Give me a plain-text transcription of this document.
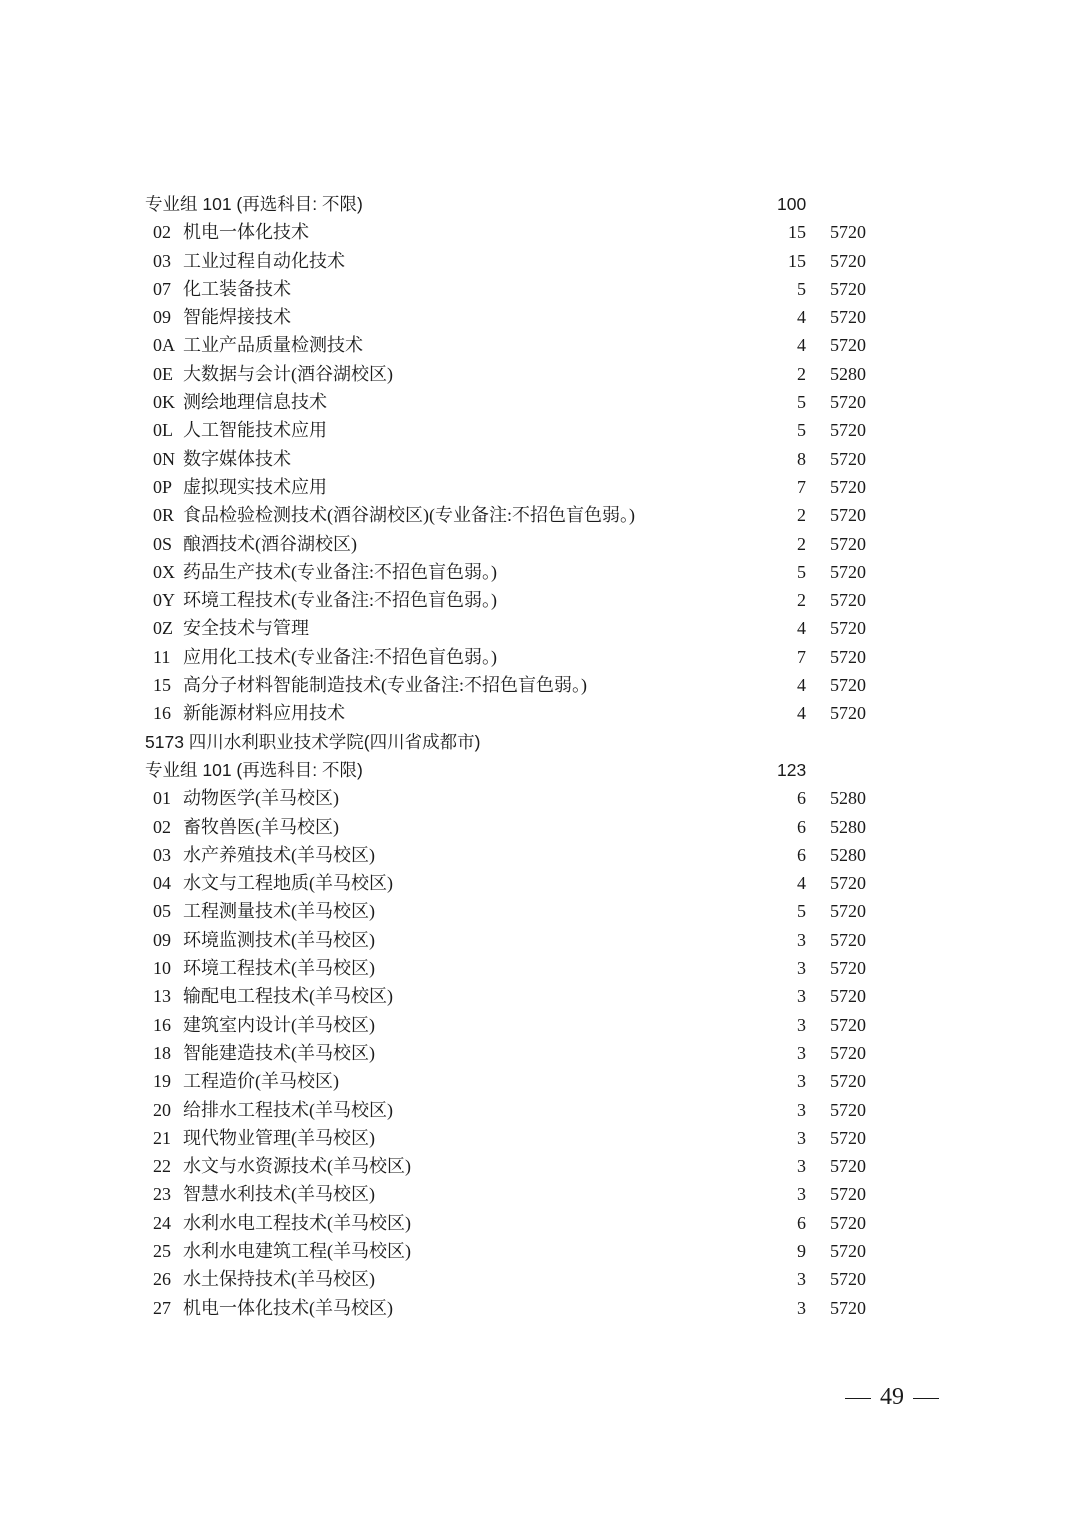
专业组 101 (再选科目: 不限)	100
02 机电一体化技术	15 5720
03 工业过程自动化技术	15 5720
07 化工装备技术	5 5720
09 智能焊接技术	4 5720
0A 工业产品质量检测技术	4 5720
0E 大数据与会计(酒谷湖校区)	2 5280
0K 测绘地理信息技术	5 5720
0L 人工智能技术应用	5 5720
0N 数字媒体技术	8 5720
0P 虚拟现实技术应用	7 5720
0R 食品检验检测技术(酒谷湖校区)(专业备注:不招色盲色弱。)	2 5720
0S 酿酒技术(酒谷湖校区)	2 5720
0X 药品生产技术(专业备注:不招色盲色弱。)	5 5720
0Y 环境工程技术(专业备注:不招色盲色弱。)	2 5720
0Z 安全技术与管理	4 5720
11 应用化工技术(专业备注:不招色盲色弱。)	7 5720
15 高分子材料智能制造技术(专业备注:不招色盲色弱。)	4 5720
16 新能源材料应用技术	4 5720
5173 四川水利职业技术学院(四川省成都市)
专业组 101 (再选科目: 不限)	123
01 动物医学(羊马校区)	6 5280
02 畜牧兽医(羊马校区)	6 5280
03 水产养殖技术(羊马校区)	6 5280
04 水文与工程地质(羊马校区)	4 5720
05 工程测量技术(羊马校区)	5 5720
09 环境监测技术(羊马校区)	3 5720
10 环境工程技术(羊马校区)	3 5720
13 输配电工程技术(羊马校区)	3 5720
16 建筑室内设计(羊马校区)	3 5720
18 智能建造技术(羊马校区)	3 5720
19 工程造价(羊马校区)	3 5720
20 给排水工程技术(羊马校区)	3 5720
21 现代物业管理(羊马校区)	3 5720
22 水文与水资源技术(羊马校区)	3 5720
23 智慧水利技术(羊马校区)	3 5720
24 水利水电工程技术(羊马校区)	6 5720
25 水利水电建筑工程(羊马校区)	9 5720
26 水土保持技术(羊马校区)	3 5720
27 机电一体化技术(羊马校区)	3 5720
49
